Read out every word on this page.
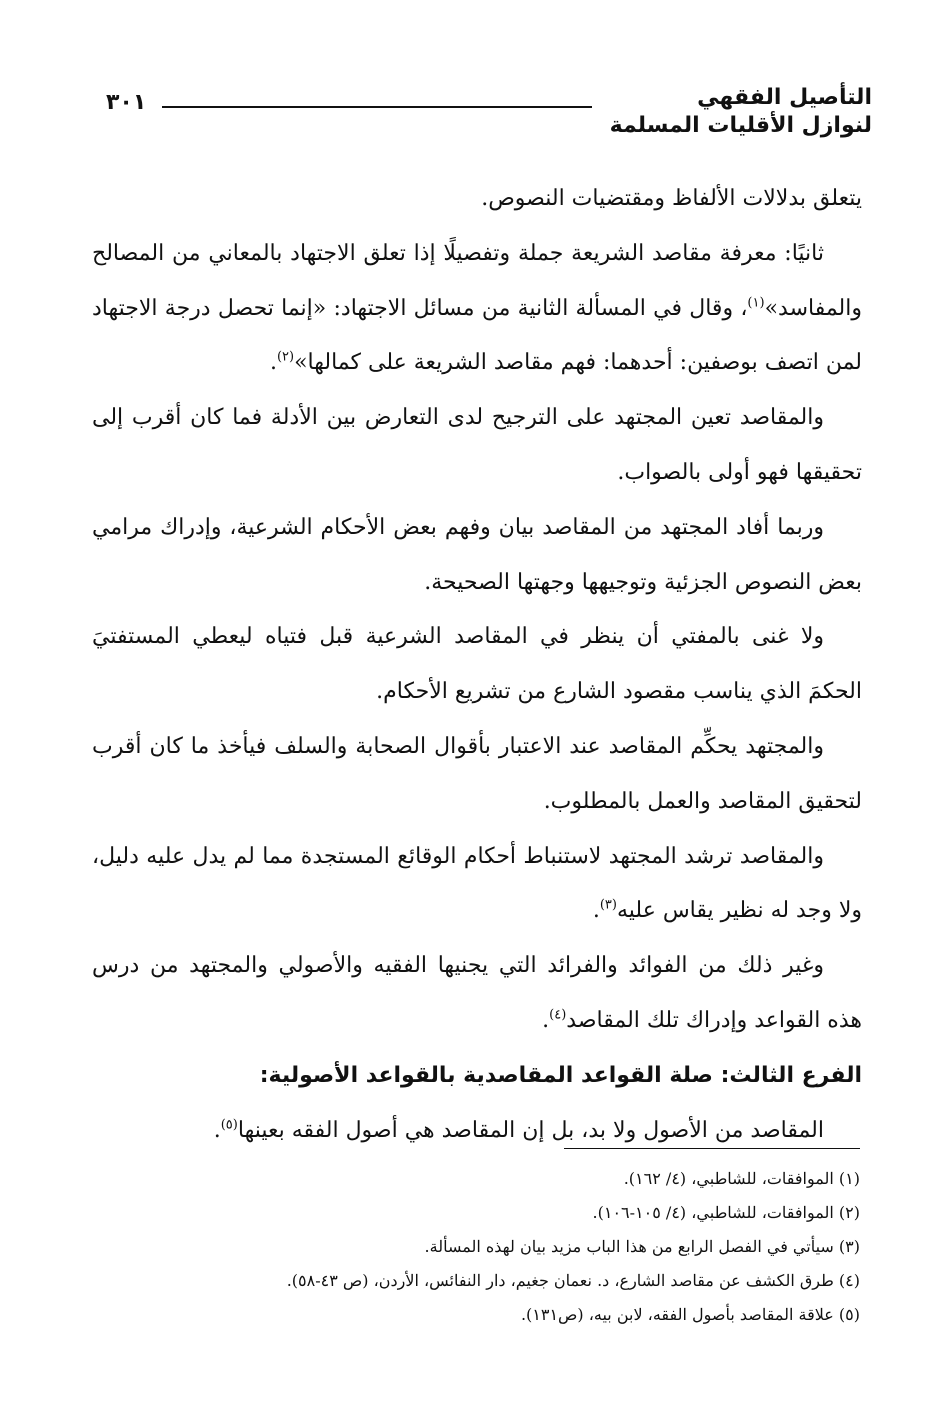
التأصيل الفقهي
لنوازل الأقليات المسلمة
٣٠١

يتعلق بدلالات الألفاظ ومقتضيات النصوص.

ثانيًا: معرفة مقاصد الشريعة جملة وتفصيلًا إذا تعلق الاجتهاد بالمعاني من المصالح والمفاسد»$^{(١)}$، وقال في المسألة الثانية من مسائل الاجتهاد: «إنما تحصل درجة الاجتهاد لمن اتصف بوصفين: أحدهما: فهم مقاصد الشريعة على كمالها»$^{(٢)}$.

والمقاصد تعين المجتهد على الترجيح لدى التعارض بين الأدلة فما كان أقرب إلى تحقيقها فهو أولى بالصواب.

وربما أفاد المجتهد من المقاصد بيان وفهم بعض الأحكام الشرعية، وإدراك مرامي بعض النصوص الجزئية وتوجيهها وجهتها الصحيحة.

ولا غنى بالمفتي أن ينظر في المقاصد الشرعية قبل فتياه ليعطي المستفتيَ الحكمَ الذي يناسب مقصود الشارع من تشريع الأحكام.

والمجتهد يحكِّم المقاصد عند الاعتبار بأقوال الصحابة والسلف فيأخذ ما كان أقرب لتحقيق المقاصد والعمل بالمطلوب.

والمقاصد ترشد المجتهد لاستنباط أحكام الوقائع المستجدة مما لم يدل عليه دليل، ولا وجد له نظير يقاس عليه$^{(٣)}$.

وغير ذلك من الفوائد والفرائد التي يجنيها الفقيه والأصولي والمجتهد من درس هذه القواعد وإدراك تلك المقاصد$^{(٤)}$.

الفرع الثالث: صلة القواعد المقاصدية بالقواعد الأصولية:

المقاصد من الأصول ولا بد، بل إن المقاصد هي أصول الفقه بعينها$^{(٥)}$.

(١) الموافقات، للشاطبي، (٤/ ١٦٢).

(٢) الموافقات، للشاطبي، (٤/ ١٠٥-١٠٦).

(٣) سيأتي في الفصل الرابع من هذا الباب مزيد بيان لهذه المسألة.

(٤) طرق الكشف عن مقاصد الشارع، د. نعمان جغيم، دار النفائس، الأردن، (ص ٤٣-٥٨).

(٥) علاقة المقاصد بأصول الفقه، لابن بيه، (ص١٣١).
